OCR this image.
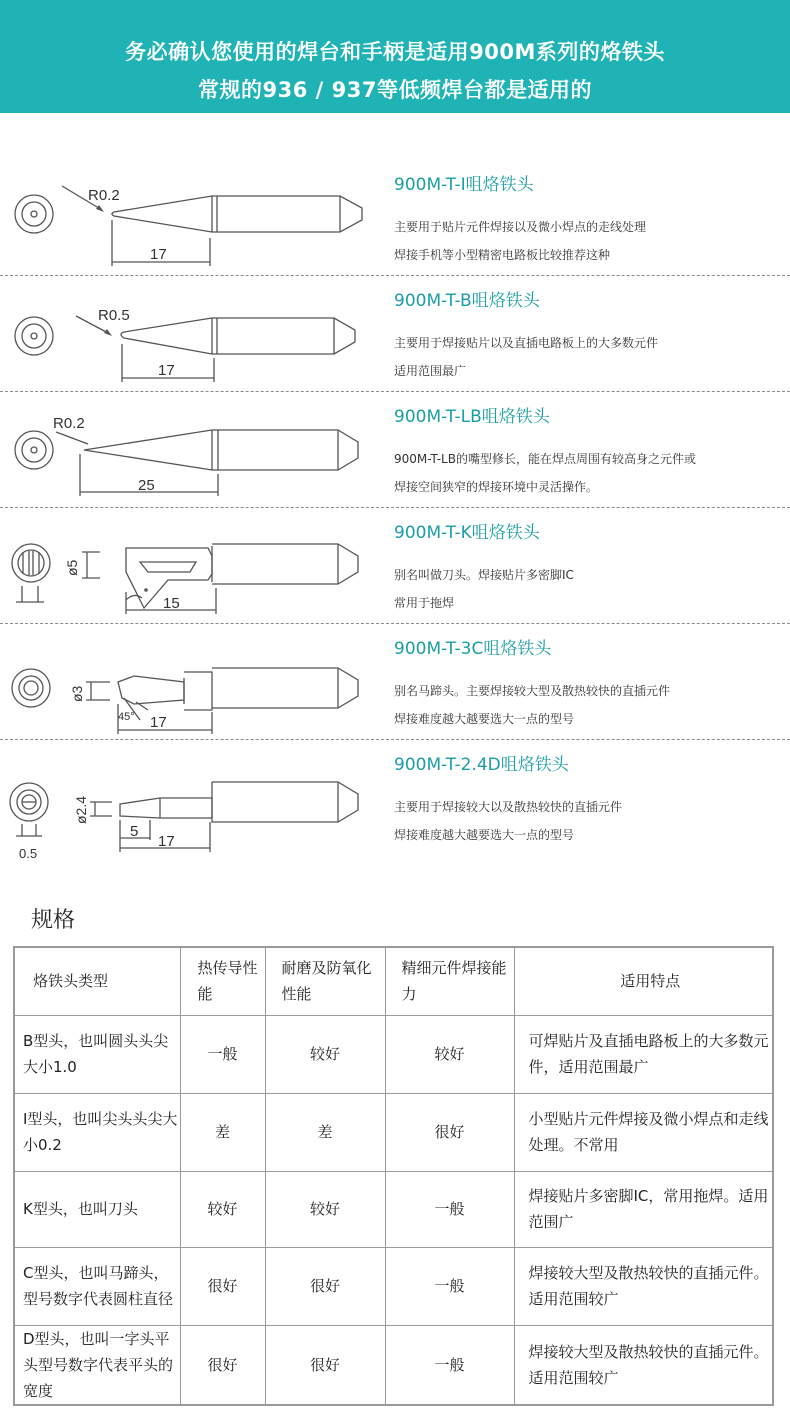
务必确认您使用的焊台和手柄是适用900M系列的烙铁头
常规的936 / 937等低频焊台都是适用的
R0.2
17
900M-T-I咀烙铁头
主要用于贴片元件焊接以及微小焊点的走线处理
焊接手机等小型精密电路板比较推荐这种
R0.5
17
900M-T-B咀烙铁头
主要用于焊接贴片以及直插电路板上的大多数元件
适用范围最广
R0.2
25
900M-T-LB咀烙铁头
900M-T-LB的嘴型修长，能在焊点周围有较高身之元件或
焊接空间狭窄的焊接环境中灵活操作。
ø5
15
900M-T-K咀烙铁头
别名叫做刀头。焊接贴片多密脚IC
常用于拖焊
ø3
45° 17
900M-T-3C咀烙铁头
别名马蹄头。主要焊接较大型及散热较快的直插元件
焊接难度越大越要选大一点的型号
ø2.4
5
17
0.5
900M-T-2.4D咀烙铁头
主要用于焊接较大以及散热较快的直插元件
焊接难度越大越要选大一点的型号
规格
烙铁头类型	热传导性能	耐磨及防氧化性能	精细元件焊接能力	适用特点
B型头，也叫圆头头尖大小1.0	一般	较好	较好	可焊贴片及直插电路板上的大多数元件，适用范围最广
I型头，也叫尖头头尖大小0.2	差	差	很好	小型贴片元件焊接及微小焊点和走线处理。不常用
K型头，也叫刀头	较好	较好	一般	焊接贴片多密脚IC，常用拖焊。适用范围广
C型头，也叫马蹄头，型号数字代表圆柱直径	很好	很好	一般	焊接较大型及散热较快的直插元件。适用范围较广
D型头，也叫一字头平头型号数字代表平头的宽度	很好	很好	一般	焊接较大型及散热较快的直插元件。适用范围较广
